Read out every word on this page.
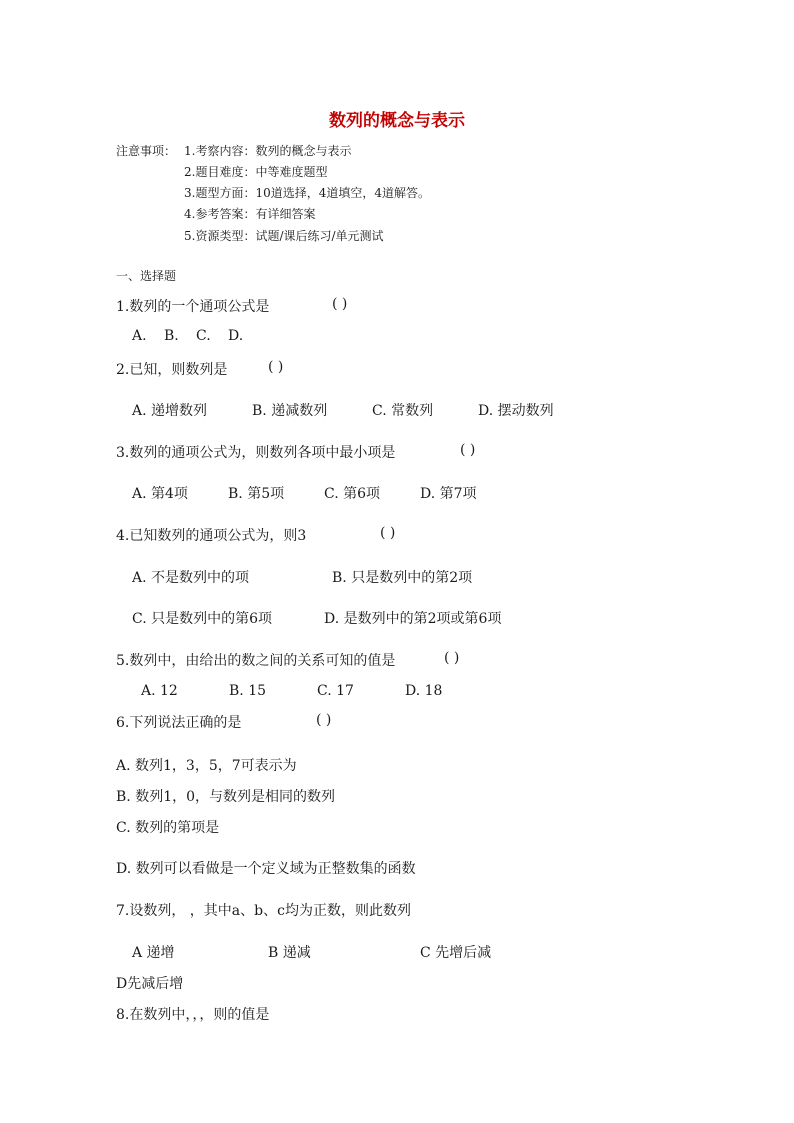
数列的概念与表示
注意事项： 1.考察内容：数列的概念与表示
2.题目难度：中等难度题型
3.题型方面：10道选择，4道填空，4道解答。
4.参考答案：有详细答案
5.资源类型：试题/课后练习/单元测试
一、选择题
1.数列的一个通项公式是	( )
A. B. C. D.
2.已知，则数列是	( )
A. 递增数列	B. 递减数列	C. 常数列	D. 摆动数列
3.数列的通项公式为，则数列各项中最小项是	( )
A. 第4项	B. 第5项	C. 第6项	D. 第7项
4.已知数列的通项公式为，则3	( )
A. 不是数列中的项	B. 只是数列中的第2项
C. 只是数列中的第6项	D. 是数列中的第2项或第6项
5.数列中，由给出的数之间的关系可知的值是	( )
A. 12	B. 15	C. 17	D. 18
6.下列说法正确的是	( )
A. 数列1，3，5，7可表示为
B. 数列1，0，与数列是相同的数列
C. 数列的第项是
D. 数列可以看做是一个定义域为正整数集的函数
7.设数列， ，其中a、b、c均为正数，则此数列
A 递增	B 递减	C 先增后减
D先减后增
8.在数列中，，，则的值是
